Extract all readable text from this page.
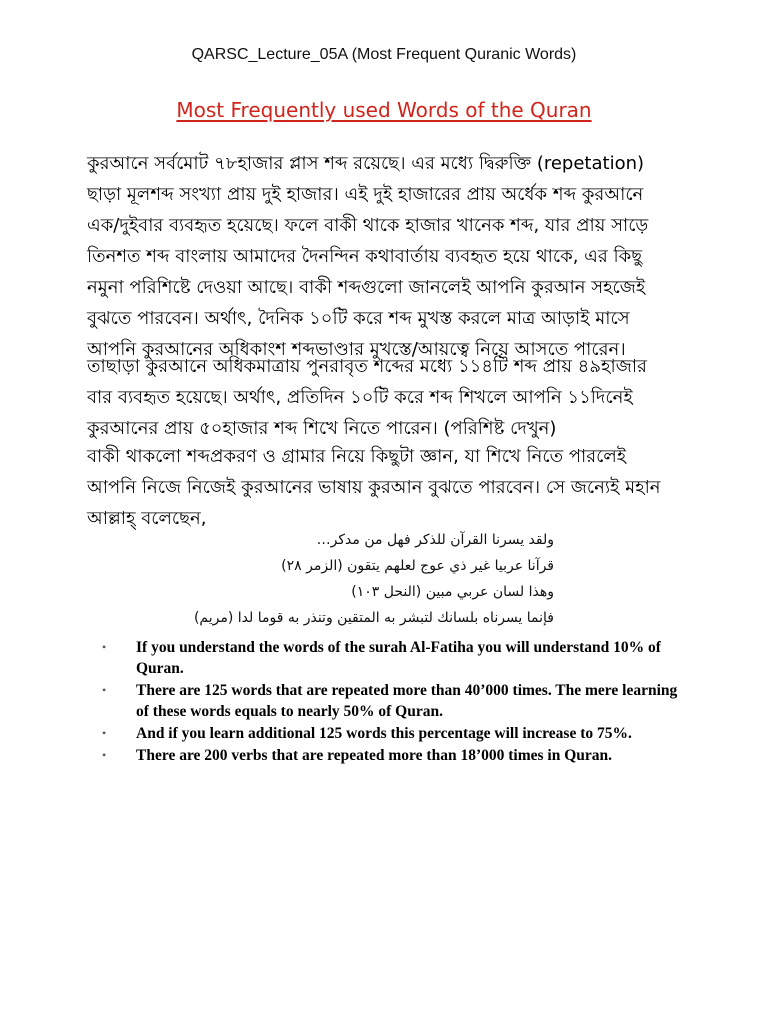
QARSC_Lecture_05A (Most Frequent Quranic Words)
Most Frequently used Words of the Quran
কুরআনে সর্বমোট ৭৮হাজার প্লাস শব্দ রয়েছে। এর মধ্যে দ্বিরুক্তি (repetation)
ছাড়া মূলশব্দ সংখ্যা প্রায় দুই হাজার। এই দুই হাজারের প্রায় অর্ধেক শব্দ কুরআনে
এক/দুইবার ব্যবহৃত হয়েছে। ফলে বাকী থাকে হাজার খানেক শব্দ, যার প্রায় সাড়ে
তিনশত শব্দ বাংলায় আমাদের দৈনন্দিন কথাবার্তায় ব্যবহৃত হয়ে থাকে, এর কিছু
নমুনা পরিশিষ্টে দেওয়া আছে। বাকী শব্দগুলো জানলেই আপনি কুরআন সহজেই
বুঝতে পারবেন। অর্থাৎ, দৈনিক ১০টি করে শব্দ মুখস্ত করলে মাত্র আড়াই মাসে
আপনি কুরআনের অধিকাংশ শব্দভাণ্ডার মুখস্তে/আয়ত্বে নিয়ে আসতে পারেন।
তাছাড়া কুরআনে অধিকমাত্রায় পুনরাবৃত শব্দের মধ্যে ১১৪টি শব্দ প্রায় ৪৯হাজার
বার ব্যবহৃত হয়েছে। অর্থাৎ, প্রতিদিন ১০টি করে শব্দ শিখলে আপনি ১১দিনেই
কুরআনের প্রায় ৫০হাজার শব্দ শিখে নিতে পারেন। (পরিশিষ্ট দেখুন)
বাকী থাকলো শব্দপ্রকরণ ও গ্রামার নিয়ে কিছুটা জ্ঞান, যা শিখে নিতে পারলেই
আপনি নিজে নিজেই কুরআনের ভাষায় কুরআন বুঝতে পারবেন। সে জন্যেই মহান
আল্লাহ্ বলেছেন,
ولقد يسرنا القرآن للذكر فهل من مدكر…
قرآنا عربيا غير ذي عوج لعلهم يتقون (الزمر ٢٨)
وهذا لسان عربي مبين (النحل ١٠٣)
فإنما يسرناه بلسانك لتبشر به المتقين وتنذر به قوما لدا (مريم)
• If you understand the words of the surah Al-Fatiha you will understand 10% of Quran.
• There are 125 words that are repeated more than 40’000 times. The mere learning of these words equals to nearly 50% of Quran.
• And if you learn additional 125 words this percentage will increase to 75%.
• There are 200 verbs that are repeated more than 18’000 times in Quran.
